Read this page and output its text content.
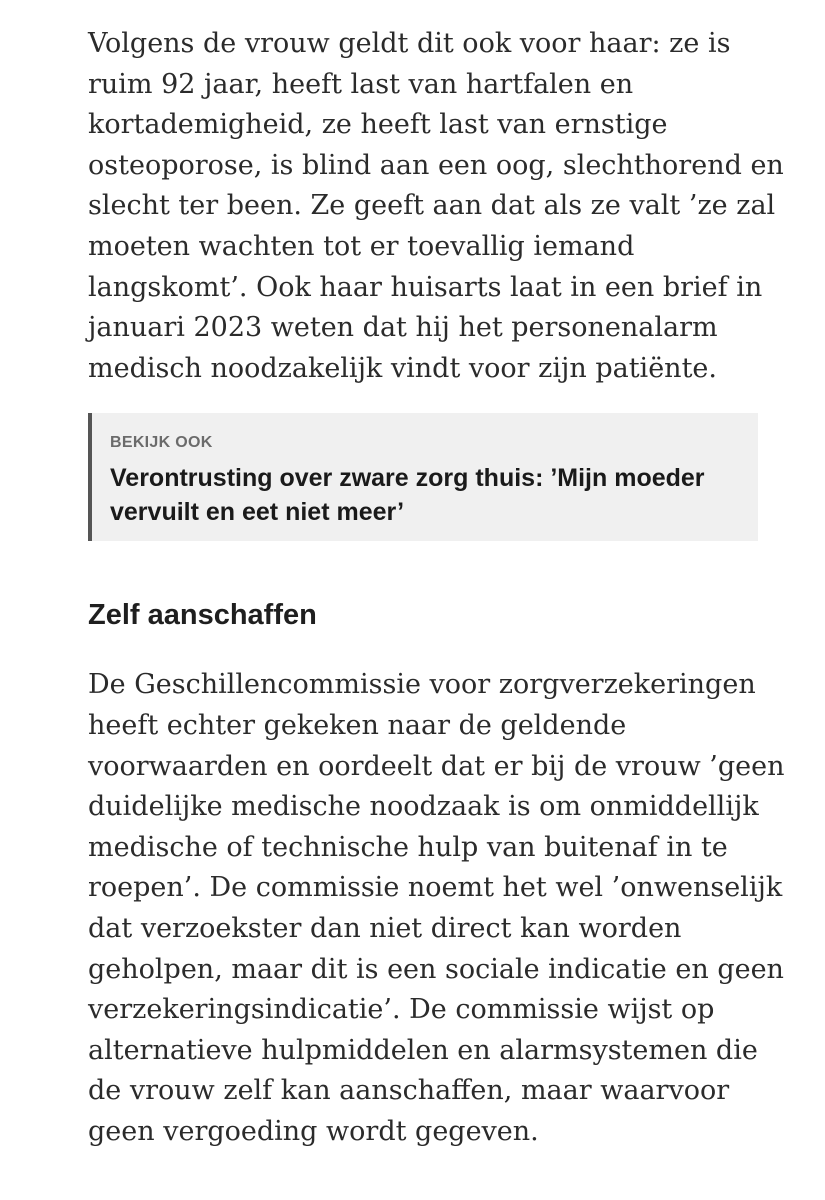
Volgens de vrouw geldt dit ook voor haar: ze is ruim 92 jaar, heeft last van hartfalen en kortademigheid, ze heeft last van ernstige osteoporose, is blind aan een oog, slechthorend en slecht ter been. Ze geeft aan dat als ze valt ’ze zal moeten wachten tot er toevallig iemand langskomt’. Ook haar huisarts laat in een brief in januari 2023 weten dat hij het personenalarm medisch noodzakelijk vindt voor zijn patiënte.

BEKIJK OOK
Verontrusting over zware zorg thuis: ’Mijn moeder vervuilt en eet niet meer’
Zelf aanschaffen

De Geschillencommissie voor zorgverzekeringen heeft echter gekeken naar de geldende voorwaarden en oordeelt dat er bij de vrouw ’geen duidelijke medische noodzaak is om onmiddellijk medische of technische hulp van buitenaf in te roepen’. De commissie noemt het wel ’onwenselijk dat verzoekster dan niet direct kan worden geholpen, maar dit is een sociale indicatie en geen verzekeringsindicatie’. De commissie wijst op alternatieve hulpmiddelen en alarmsystemen die de vrouw zelf kan aanschaffen, maar waarvoor geen vergoeding wordt gegeven.
